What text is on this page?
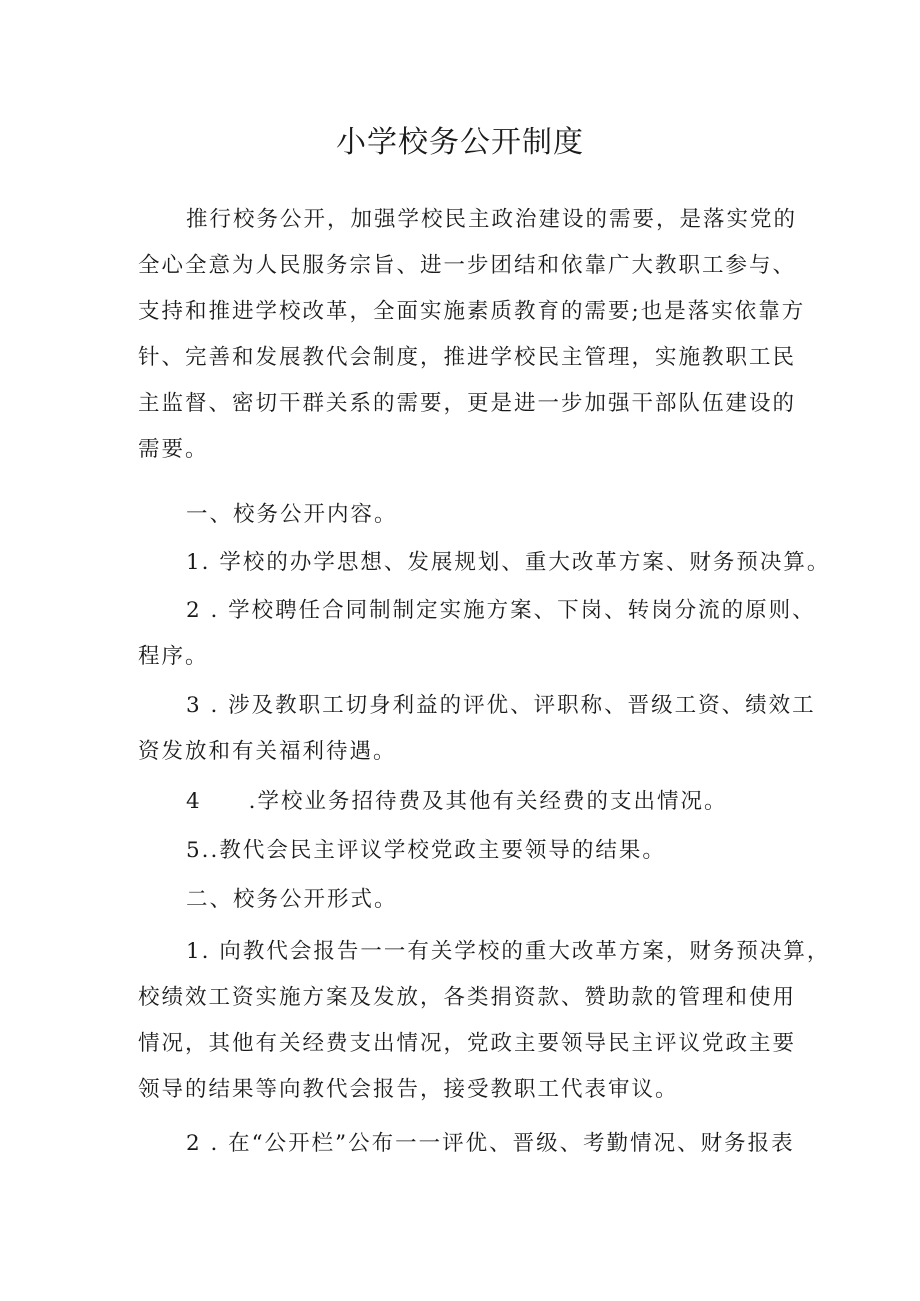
小学校务公开制度
推行校务公开，加强学校民主政治建设的需要，是落实党的
全心全意为人民服务宗旨、进一步团结和依靠广大教职工参与、
支持和推进学校改革，全面实施素质教育的需要;也是落实依靠方
针、完善和发展教代会制度，推进学校民主管理，实施教职工民
主监督、密切干群关系的需要，更是进一步加强干部队伍建设的
需要。
一、校务公开内容。
1. 学校的办学思想、发展规划、重大改革方案、财务预决算。
2 . 学校聘任合同制制定实施方案、下岗、转岗分流的原则、
程序。
3 . 涉及教职工切身利益的评优、评职称、晋级工资、绩效工
资发放和有关福利待遇。
4　　.学校业务招待费及其他有关经费的支出情况。
5..教代会民主评议学校党政主要领导的结果。
二、校务公开形式。
1. 向教代会报告一一有关学校的重大改革方案，财务预决算，
校绩效工资实施方案及发放，各类捐资款、赞助款的管理和使用
情况，其他有关经费支出情况，党政主要领导民主评议党政主要
领导的结果等向教代会报告，接受教职工代表审议。
2 . 在“公开栏”公布一一评优、晋级、考勤情况、财务报表
